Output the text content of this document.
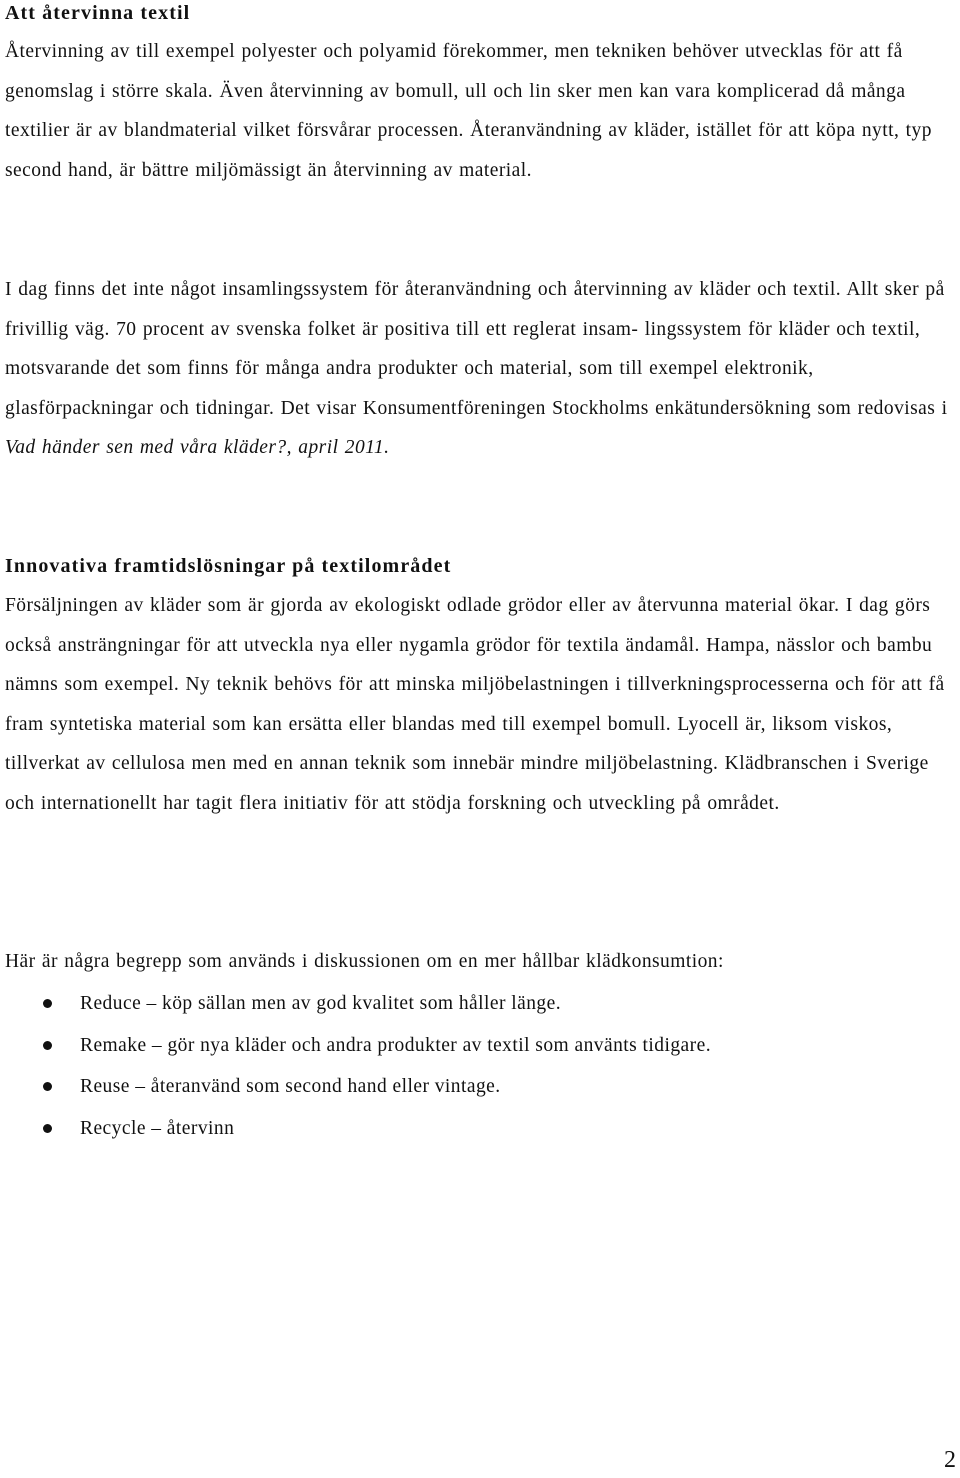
Att återvinna textil

Återvinning av till exempel polyester och polyamid förekommer, men tekniken behöver utvecklas för att få genomslag i större skala. Även återvinning av bomull, ull och lin sker men kan vara komplicerad då många textilier är av blandmaterial vilket försvårar processen. Återanvändning av kläder, istället för att köpa nytt, typ second hand, är bättre miljömässigt än återvinning av material.

I dag finns det inte något insamlingssystem för återanvändning och återvinning av kläder och textil. Allt sker på frivillig väg. 70 procent av svenska folket är positiva till ett reglerat insam- lingssystem för kläder och textil, motsvarande det som finns för många andra produkter och material, som till exempel elektronik, glasförpackningar och tidningar. Det visar Konsumentföreningen Stockholms enkätundersökning som redovisas i Vad händer sen med våra kläder?, april 2011.

Innovativa framtidslösningar på textilområdet

Försäljningen av kläder som är gjorda av ekologiskt odlade grödor eller av återvunna material ökar. I dag görs också ansträngningar för att utveckla nya eller nygamla grödor för textila ändamål. Hampa, nässlor och bambu nämns som exempel. Ny teknik behövs för att minska miljöbelastningen i tillverkningsprocesserna och för att få fram syntetiska material som kan ersätta eller blandas med till exempel bomull. Lyocell är, liksom viskos, tillverkat av cellulosa men med en annan teknik som innebär mindre miljöbelastning. Klädbranschen i Sverige och internationellt har tagit flera initiativ för att stödja forskning och utveckling på området.

Här är några begrepp som används i diskussionen om en mer hållbar klädkonsumtion:

Reduce – köp sällan men av god kvalitet som håller länge.
Remake – gör nya kläder och andra produkter av textil som använts tidigare.
Reuse – återanvänd som second hand eller vintage.
Recycle – återvinn
2
